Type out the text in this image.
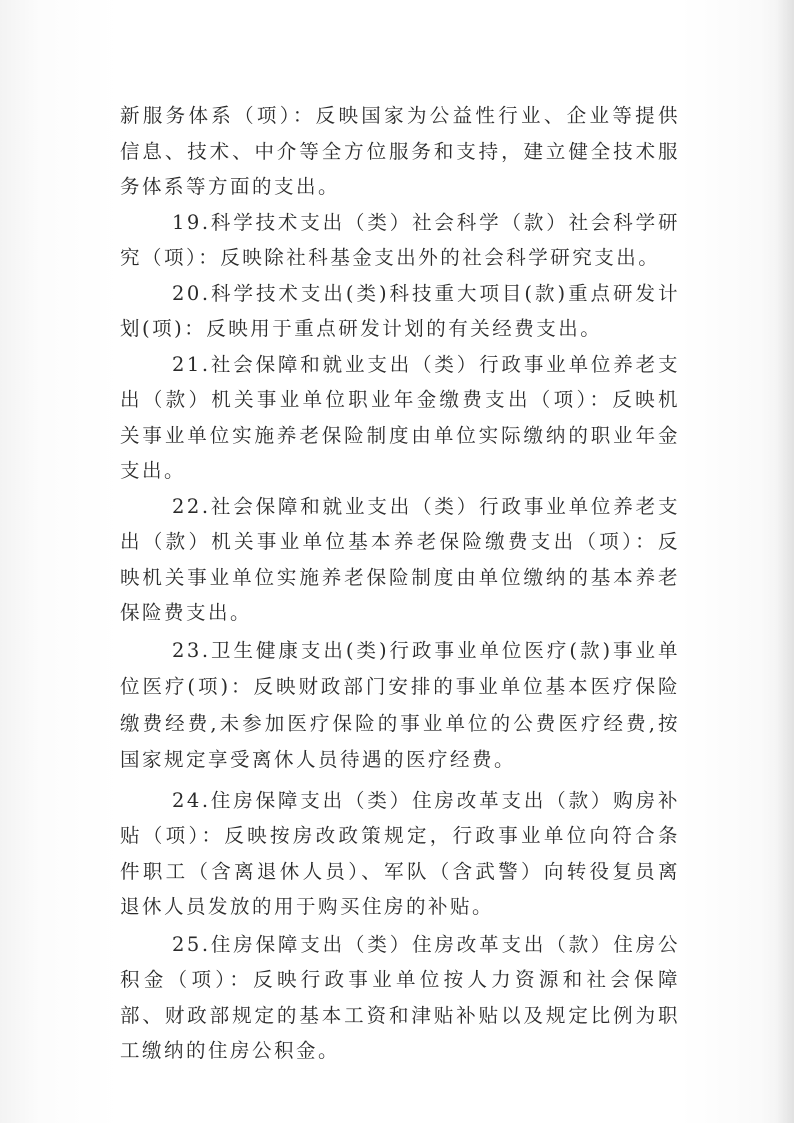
新服务体系（项）：反映国家为公益性行业、企业等提供信息、技术、中介等全方位服务和支持，建立健全技术服务体系等方面的支出。

19.科学技术支出（类）社会科学（款）社会科学研究（项）：反映除社科基金支出外的社会科学研究支出。

20.科学技术支出(类)科技重大项目(款)重点研发计划(项)：反映用于重点研发计划的有关经费支出。

21.社会保障和就业支出（类）行政事业单位养老支出（款）机关事业单位职业年金缴费支出（项）：反映机关事业单位实施养老保险制度由单位实际缴纳的职业年金支出。

22.社会保障和就业支出（类）行政事业单位养老支出（款）机关事业单位基本养老保险缴费支出（项）：反映机关事业单位实施养老保险制度由单位缴纳的基本养老保险费支出。

23.卫生健康支出(类)行政事业单位医疗(款)事业单位医疗(项)：反映财政部门安排的事业单位基本医疗保险缴费经费,未参加医疗保险的事业单位的公费医疗经费,按国家规定享受离休人员待遇的医疗经费。

24.住房保障支出（类）住房改革支出（款）购房补贴（项）：反映按房改政策规定，行政事业单位向符合条件职工（含离退休人员）、军队（含武警）向转役复员离退休人员发放的用于购买住房的补贴。

25.住房保障支出（类）住房改革支出（款）住房公积金（项）：反映行政事业单位按人力资源和社会保障部、财政部规定的基本工资和津贴补贴以及规定比例为职工缴纳的住房公积金。
